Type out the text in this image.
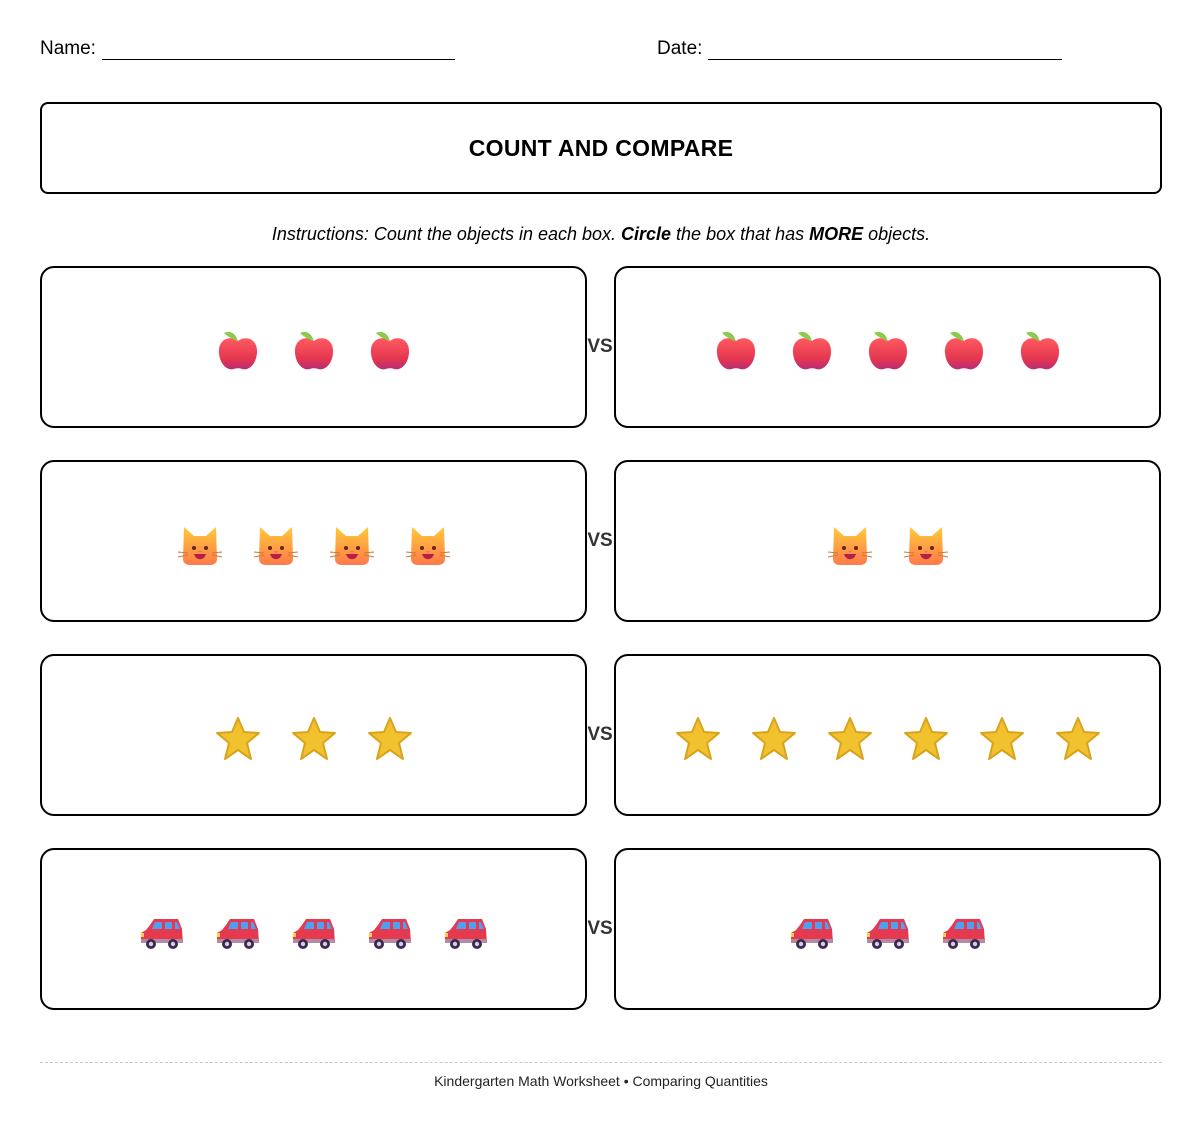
Name:	Date:
COUNT AND COMPARE
Instructions: Count the objects in each box. Circle the box that has MORE objects.
VS
VS
VS
VS
Kindergarten Math Worksheet • Comparing Quantities
